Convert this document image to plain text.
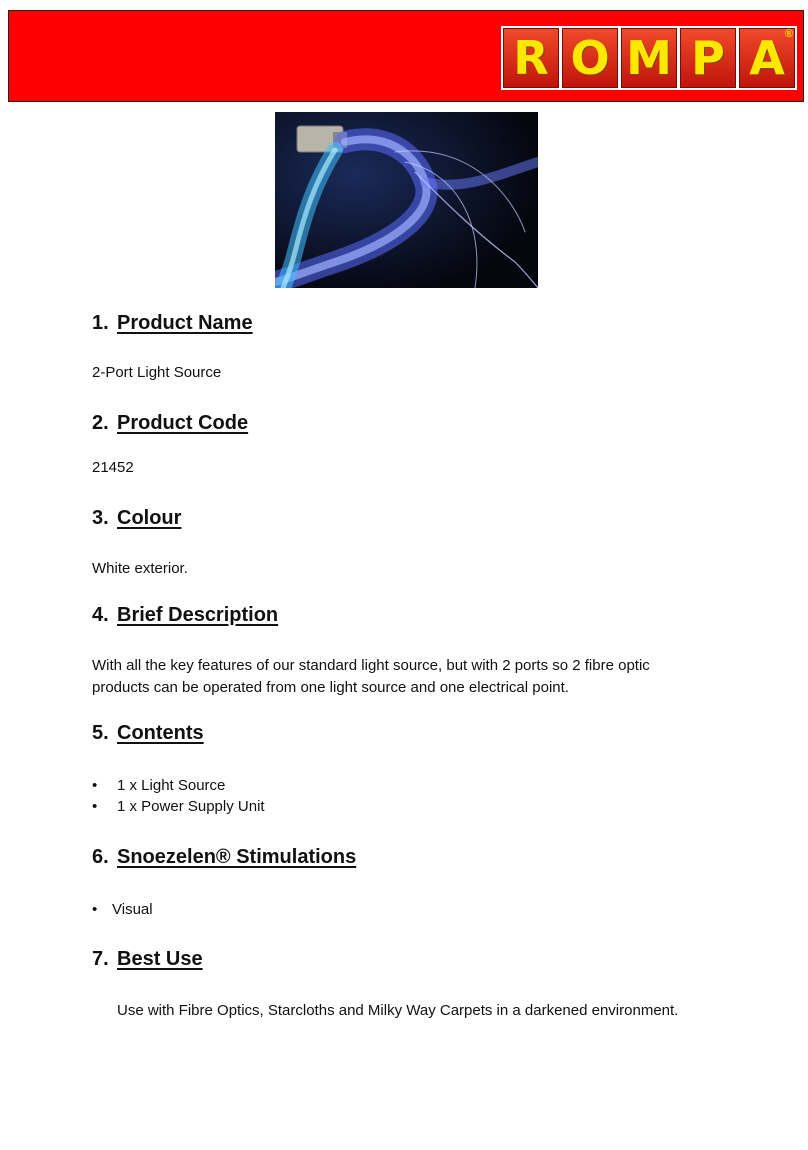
R O M P A ®
1. Product Name

2-Port Light Source

2. Product Code

21452

3. Colour

White exterior.

4. Brief Description

With all the key features of our standard light source, but with 2 ports so 2 fibre optic products can be operated from one light source and one electrical point.

5. Contents
•	1 x Light Source
•	1 x Power Supply Unit
6. Snoezelen® Stimulations
• Visual
7. Best Use

Use with Fibre Optics, Starcloths and Milky Way Carpets in a darkened environment.
